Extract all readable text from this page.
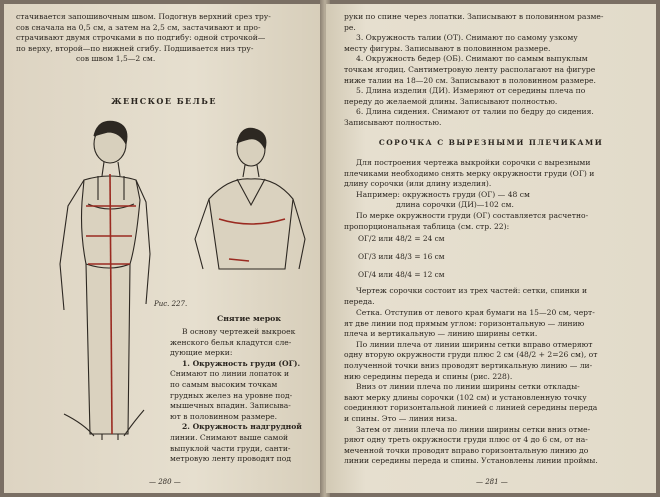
стачивается запошивочным швом. Подогнув верхний срез тру-

сов сначала на 0,5 см, а затем на 2,5 см, застачивают и про-

страчивают двумя строчками в по подгибу: одной строчкой—

по верху, второй—по нижней сгибу. Подшивается низ тру-

сов швом 1,5—2 см.

ЖЕНСКОЕ БЕЛЬЕ
Рис. 227.
Снятие мерок

В основу чертежей выкроек

женского белья кладутся сле-

дующие мерки:

1. Окружность груди (ОГ).

Снимают по линии лопаток и

по самым высоким точкам

грудных желез на уровне под-

мышечных впадин. Записыва-

ют в половинном размере.

2. Окружность надгрудной

линии. Снимают выше самой

выпуклой части груди, санти-

метровую ленту проводят под

— 280 —

руки по спине через лопатки. Записывают в половинном разме-

ре.

3. Окружность талии (ОТ). Снимают по самому узкому

месту фигуры. Записывают в половинном размере.

4. Окружность бедер (ОБ). Снимают по самым выпуклым

точкам ягодиц. Сантиметровую ленту располагают на фигуре

ниже талии на 18—20 см. Записывают в половинном размере.

5. Длина изделия (ДИ). Измеряют от середины плеча по

переду до желаемой длины. Записывают полностью.

6. Длина сидения. Снимают от талии по бедру до сидения.

Записывают полностью.

СОРОЧКА С ВЫРЕЗНЫМИ ПЛЕЧИКАМИ

Для построения чертежа выкройки сорочки с вырезными

плечиками необходимо снять мерку окружности груди (ОГ) и

длину сорочки (или длину изделия).

Например: окружность груди (ОГ) — 48 см

длина сорочки (ДИ)—102 см.

По мерке окружности груди (ОГ) составляется расчетно-

пропорциональная таблица (см. стр. 22):

ОГ/2 или 48/2 = 24 см
ОГ/3 или 48/3 = 16 см
ОГ/4 или 48/4 = 12 см

Чертеж сорочки состоит из трех частей: сетки, спинки и

переда.

Сетка. Отступив от левого края бумаги на 15—20 см, черт-

ят две линии под прямым углом: горизонтальную — линию

плеча и вертикальную — линию ширины сетки.

По линии плеча от линии ширины сетки вправо отмеряют

одну вторую окружности груди плюс 2 см (48/2 + 2=26 см), от

полученной точки вниз проводят вертикальную линию — ли-

нию середины переда и спины (рис. 228).

Вниз от линии плеча по линии ширины сетки отклады-

вают мерку длины сорочки (102 см) и установленную точку

соединяют горизонтальной линией с линией середины переда

и спины. Это — линия низа.

Затем от линии плеча по линии ширины сетки вниз отме-

ряют одну треть окружности груди плюс от 4 до 6 см, от на-

меченной точки проводят вправо горизонтальную линию до

линии середины переда и спины. Установлены линии проймы.

— 281 —
